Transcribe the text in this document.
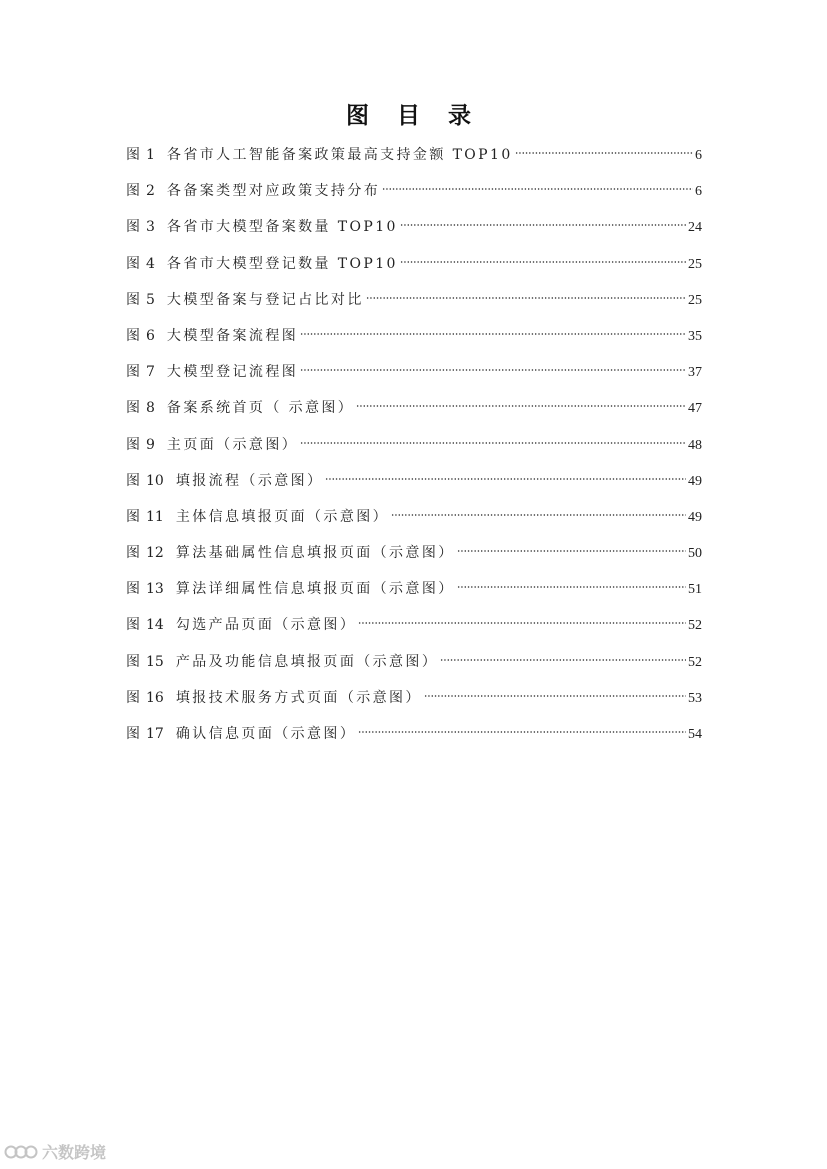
图 目 录
图 1 各省市人工智能备案政策最高支持金额 TOP10	6
图 2 各备案类型对应政策支持分布	6
图 3 各省市大模型备案数量 TOP10	24
图 4 各省市大模型登记数量 TOP10	25
图 5 大模型备案与登记占比对比	25
图 6 大模型备案流程图	35
图 7 大模型登记流程图	37
图 8 备案系统首页（ 示意图）	47
图 9 主页面（示意图）	48
图 10 填报流程（示意图）	49
图 11 主体信息填报页面（示意图）	49
图 12 算法基础属性信息填报页面（示意图）	50
图 13 算法详细属性信息填报页面（示意图）	51
图 14 勾选产品页面（示意图）	52
图 15 产品及功能信息填报页面（示意图）	52
图 16 填报技术服务方式页面（示意图）	53
图 17 确认信息页面（示意图）	54
六数跨境
